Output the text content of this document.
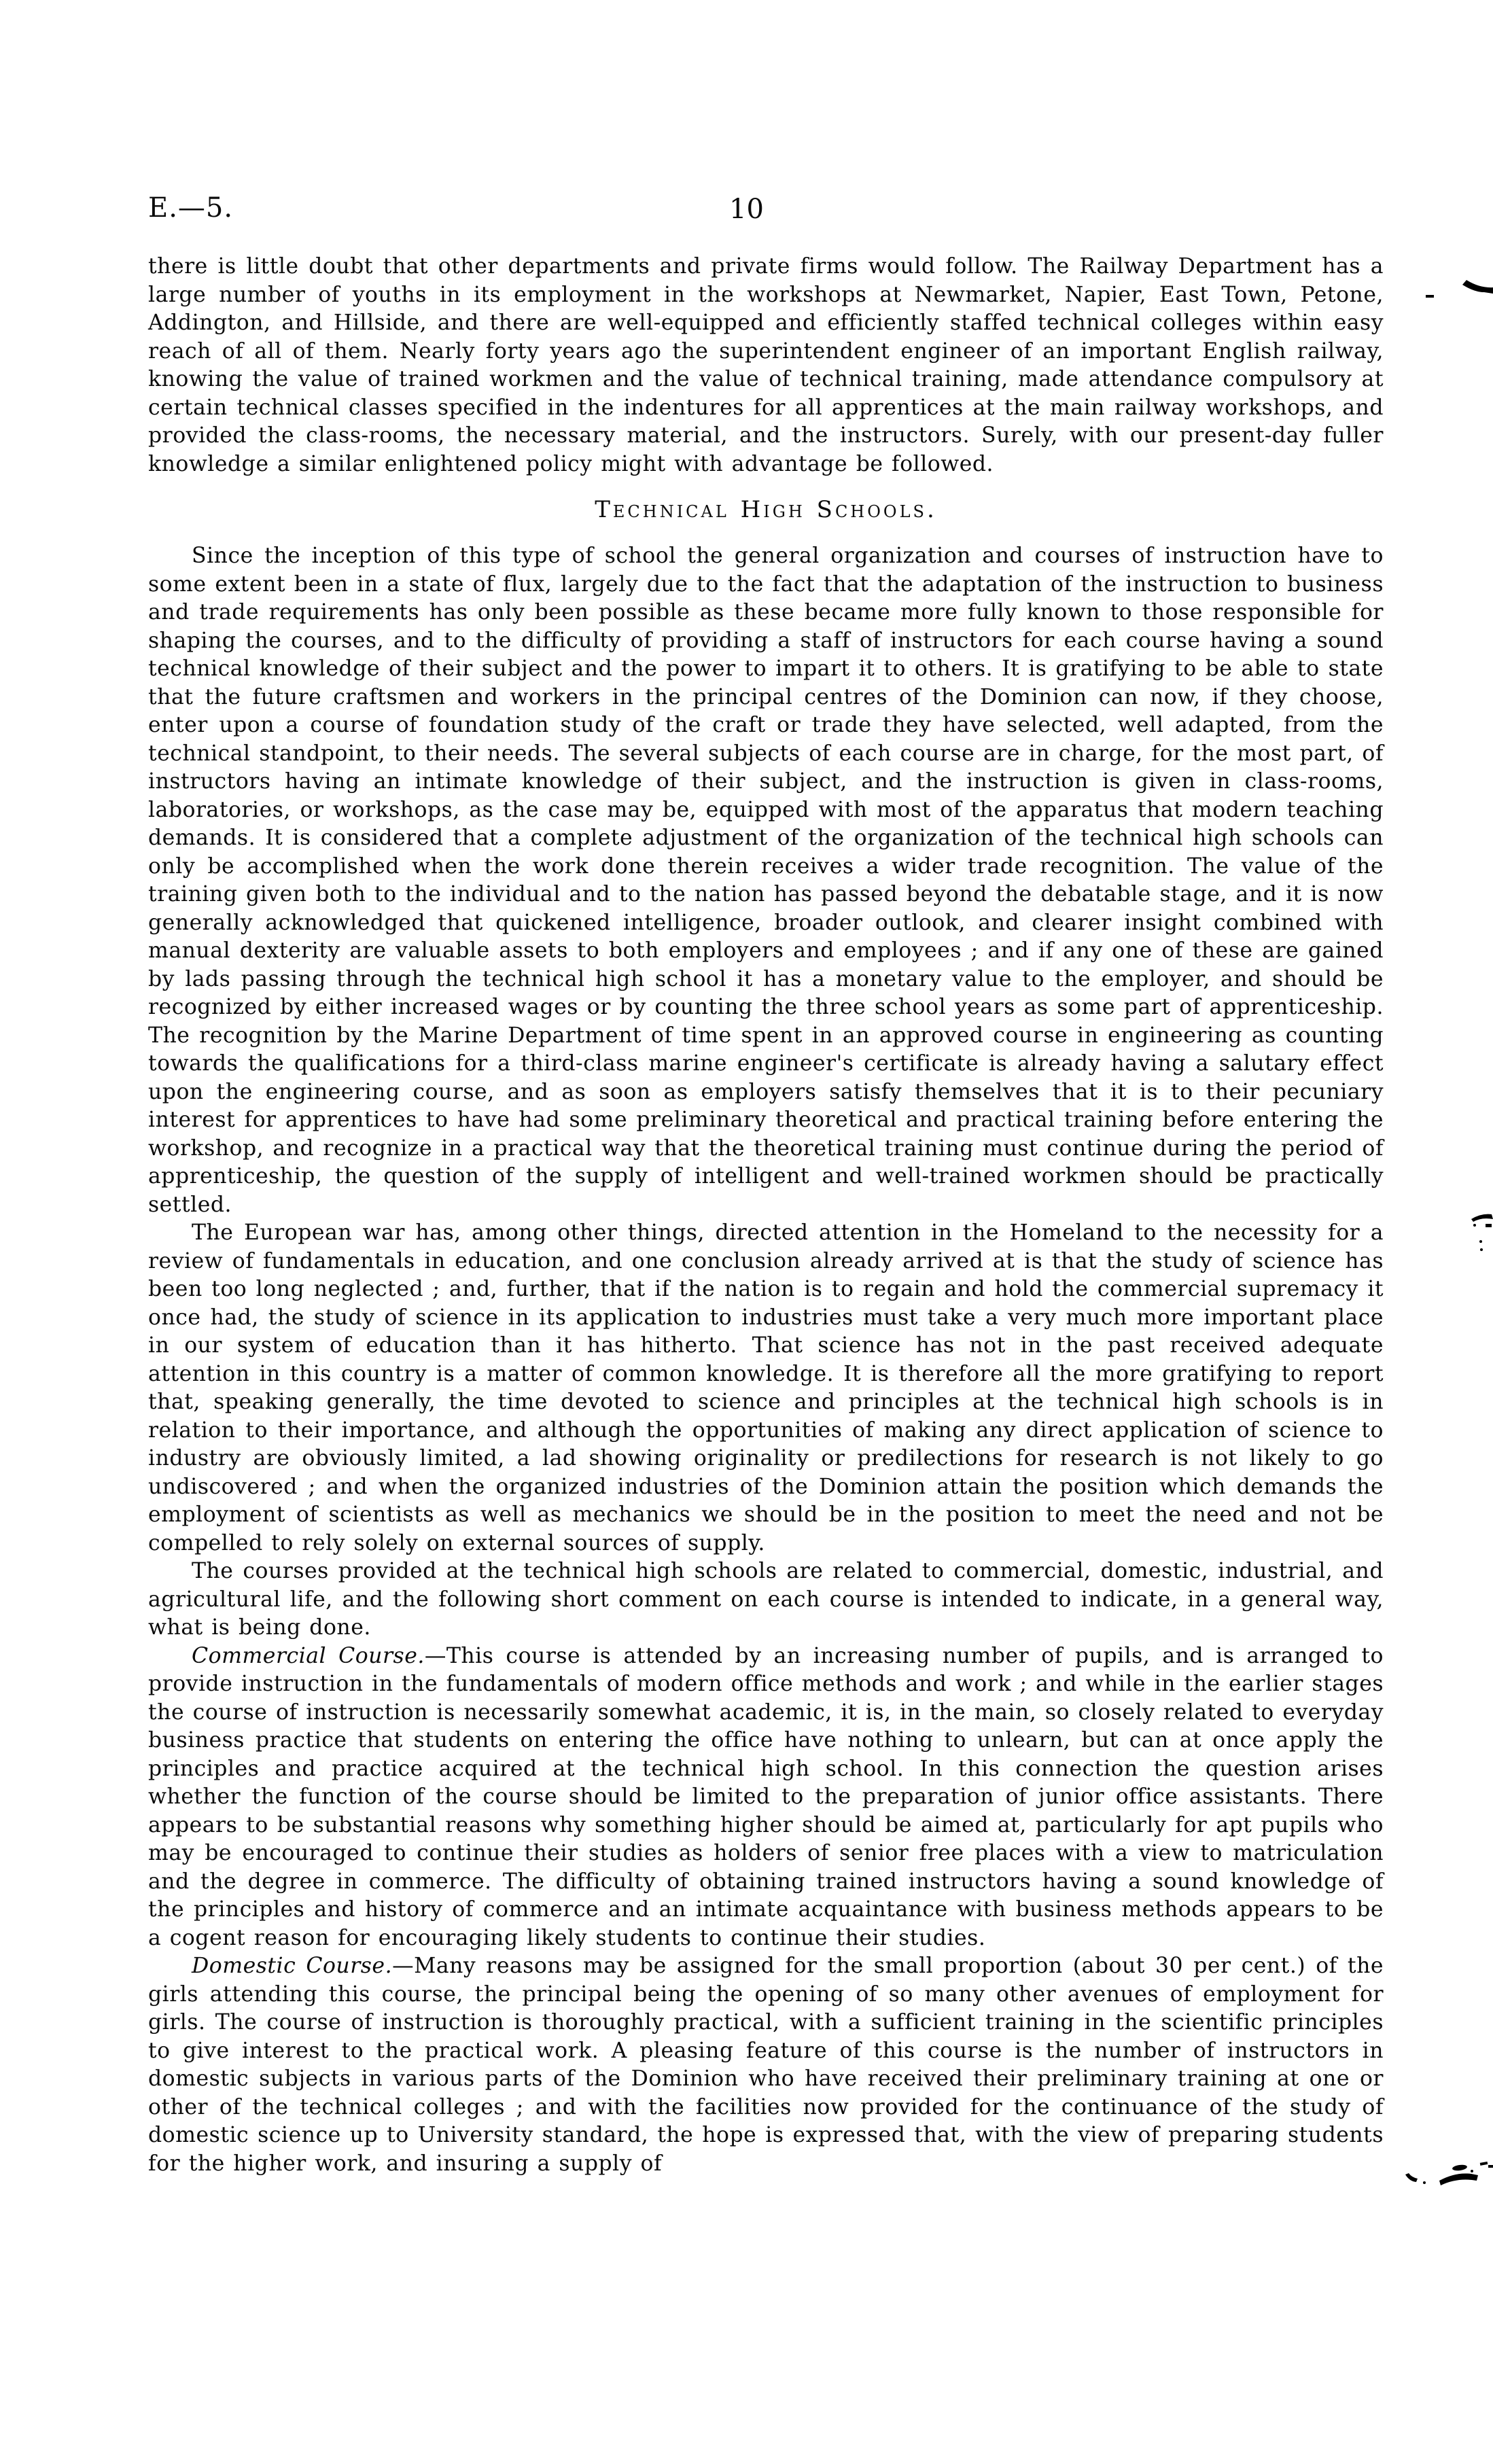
E.—5.	10

there is little doubt that other departments and private firms would follow. The Railway Department has a large number of youths in its employment in the workshops at Newmarket, Napier, East Town, Petone, Addington, and Hillside, and there are well-equipped and efficiently staffed technical colleges within easy reach of all of them. Nearly forty years ago the superintendent engineer of an important English railway, knowing the value of trained workmen and the value of technical training, made attendance compulsory at certain technical classes specified in the indentures for all apprentices at the main railway workshops, and provided the class-rooms, the necessary material, and the instructors. Surely, with our present-day fuller knowledge a similar enlightened policy might with advantage be followed.

Technical High Schools.

Since the inception of this type of school the general organization and courses of instruction have to some extent been in a state of flux, largely due to the fact that the adaptation of the instruction to business and trade requirements has only been possible as these became more fully known to those responsible for shaping the courses, and to the difficulty of providing a staff of instructors for each course having a sound technical knowledge of their subject and the power to impart it to others. It is gratifying to be able to state that the future craftsmen and workers in the principal centres of the Dominion can now, if they choose, enter upon a course of foundation study of the craft or trade they have selected, well adapted, from the technical standpoint, to their needs. The several subjects of each course are in charge, for the most part, of instructors having an intimate knowledge of their subject, and the instruction is given in class-rooms, laboratories, or workshops, as the case may be, equipped with most of the apparatus that modern teaching demands. It is considered that a complete adjustment of the organization of the technical high schools can only be accomplished when the work done therein receives a wider trade recognition. The value of the training given both to the individual and to the nation has passed beyond the debatable stage, and it is now generally acknowledged that quickened intelligence, broader outlook, and clearer insight combined with manual dexterity are valuable assets to both employers and employees ; and if any one of these are gained by lads passing through the technical high school it has a monetary value to the employer, and should be recognized by either increased wages or by counting the three school years as some part of apprenticeship. The recognition by the Marine Department of time spent in an approved course in engineering as counting towards the qualifications for a third-class marine engineer's certificate is already having a salutary effect upon the engineering course, and as soon as employers satisfy themselves that it is to their pecuniary interest for apprentices to have had some preliminary theoretical and practical training before entering the workshop, and recognize in a practical way that the theoretical training must continue during the period of apprenticeship, the question of the supply of intelligent and well-trained workmen should be practically settled.

The European war has, among other things, directed attention in the Homeland to the necessity for a review of fundamentals in education, and one conclusion already arrived at is that the study of science has been too long neglected ; and, further, that if the nation is to regain and hold the commercial supremacy it once had, the study of science in its application to industries must take a very much more important place in our system of education than it has hitherto. That science has not in the past received adequate attention in this country is a matter of common knowledge. It is therefore all the more gratifying to report that, speaking generally, the time devoted to science and principles at the technical high schools is in relation to their importance, and although the opportunities of making any direct application of science to industry are obviously limited, a lad showing originality or predilections for research is not likely to go undiscovered ; and when the organized industries of the Dominion attain the position which demands the employment of scientists as well as mechanics we should be in the position to meet the need and not be compelled to rely solely on external sources of supply.

The courses provided at the technical high schools are related to commercial, domestic, industrial, and agricultural life, and the following short comment on each course is intended to indicate, in a general way, what is being done.

Commercial Course.—This course is attended by an increasing number of pupils, and is arranged to provide instruction in the fundamentals of modern office methods and work ; and while in the earlier stages the course of instruction is necessarily somewhat academic, it is, in the main, so closely related to everyday business practice that students on entering the office have nothing to unlearn, but can at once apply the principles and practice acquired at the technical high school. In this connection the question arises whether the function of the course should be limited to the preparation of junior office assistants. There appears to be substantial reasons why something higher should be aimed at, particularly for apt pupils who may be encouraged to continue their studies as holders of senior free places with a view to matriculation and the degree in commerce. The difficulty of obtaining trained instructors having a sound knowledge of the principles and history of commerce and an intimate acquaintance with business methods appears to be a cogent reason for encouraging likely students to continue their studies.

Domestic Course.—Many reasons may be assigned for the small proportion (about 30 per cent.) of the girls attending this course, the principal being the opening of so many other avenues of employment for girls. The course of instruction is thoroughly practical, with a sufficient training in the scientific principles to give interest to the practical work. A pleasing feature of this course is the number of instructors in domestic subjects in various parts of the Dominion who have received their preliminary training at one or other of the technical colleges ; and with the facilities now provided for the continuance of the study of domestic science up to University standard, the hope is expressed that, with the view of preparing students for the higher work, and insuring a supply of
